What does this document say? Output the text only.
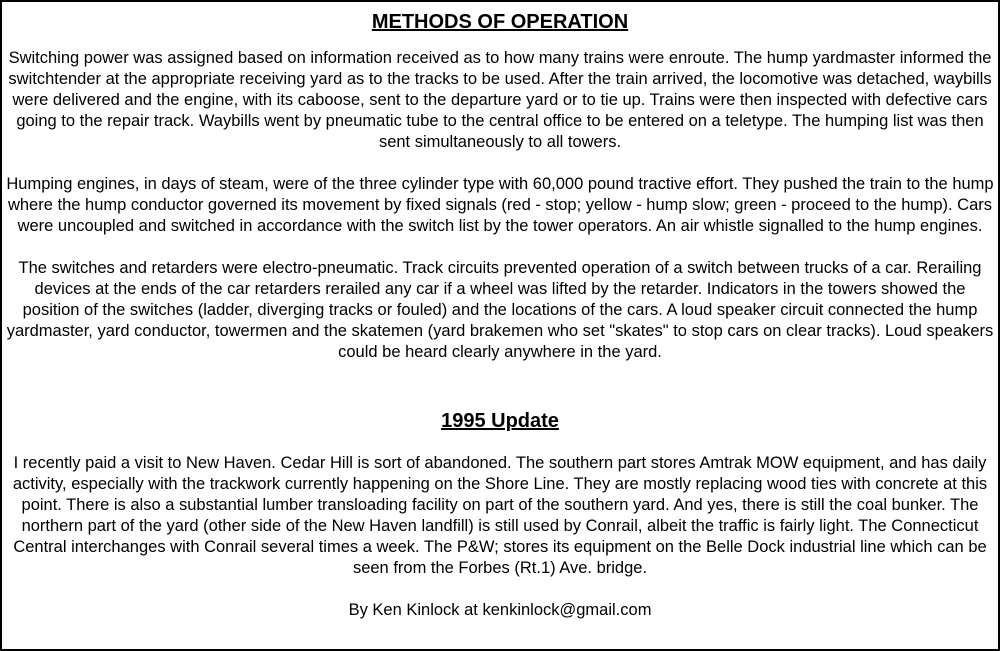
METHODS OF OPERATION

Switching power was assigned based on information received as to how many trains were enroute. The hump yardmaster informed the switchtender at the appropriate receiving yard as to the tracks to be used. After the train arrived, the locomotive was detached, waybills were delivered and the engine, with its caboose, sent to the departure yard or to tie up. Trains were then inspected with defective cars going to the repair track. Waybills went by pneumatic tube to the central office to be entered on a teletype. The humping list was then sent simultaneously to all towers.

Humping engines, in days of steam, were of the three cylinder type with 60,000 pound tractive effort. They pushed the train to the hump where the hump conductor governed its movement by fixed signals (red - stop; yellow - hump slow; green - proceed to the hump). Cars were uncoupled and switched in accordance with the switch list by the tower operators. An air whistle signalled to the hump engines.

The switches and retarders were electro-pneumatic. Track circuits prevented operation of a switch between trucks of a car. Rerailing devices at the ends of the car retarders rerailed any car if a wheel was lifted by the retarder. Indicators in the towers showed the position of the switches (ladder, diverging tracks or fouled) and the locations of the cars. A loud speaker circuit connected the hump yardmaster, yard conductor, towermen and the skatemen (yard brakemen who set "skates" to stop cars on clear tracks). Loud speakers could be heard clearly anywhere in the yard.

1995 Update

I recently paid a visit to New Haven. Cedar Hill is sort of abandoned. The southern part stores Amtrak MOW equipment, and has daily activity, especially with the trackwork currently happening on the Shore Line. They are mostly replacing wood ties with concrete at this point. There is also a substantial lumber transloading facility on part of the southern yard. And yes, there is still the coal bunker. The northern part of the yard (other side of the New Haven landfill) is still used by Conrail, albeit the traffic is fairly light. The Connecticut Central interchanges with Conrail several times a week. The P&W; stores its equipment on the Belle Dock industrial line which can be seen from the Forbes (Rt.1) Ave. bridge.

By Ken Kinlock at kenkinlock@gmail.com
